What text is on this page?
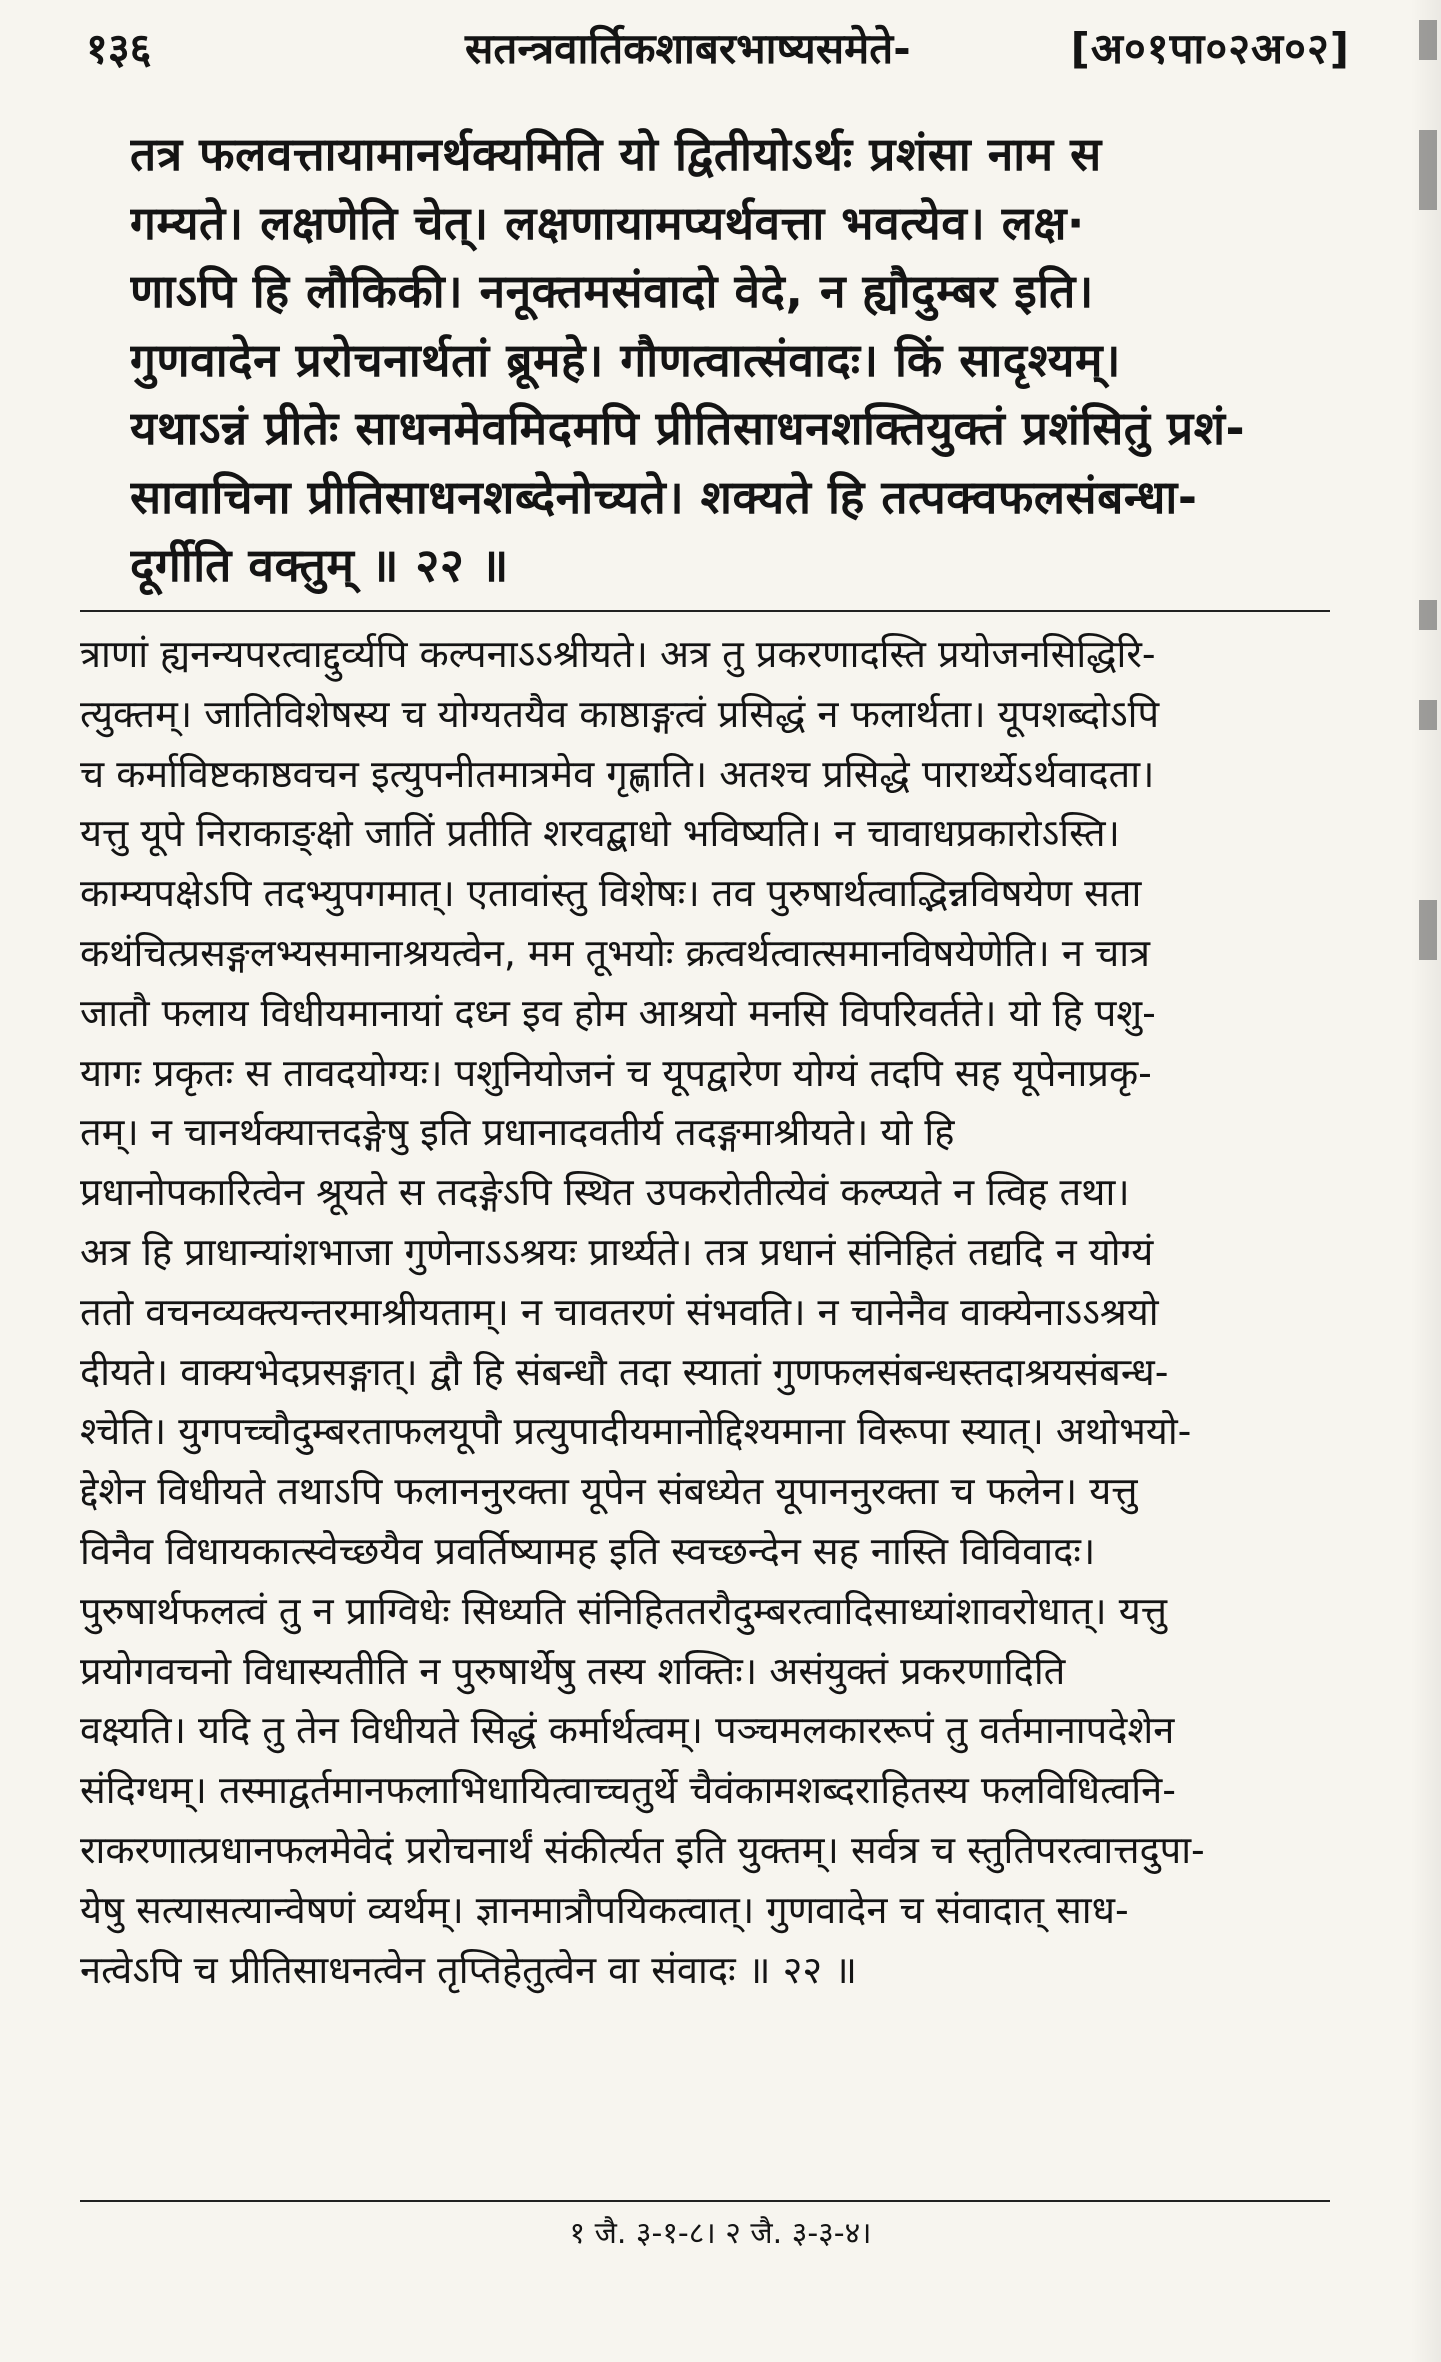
१३६	सतन्त्रवार्तिकशाबरभाष्यसमेते-	[अ०१पा०२अ०२]
तत्र फलवत्तायामानर्थक्यमिति यो द्वितीयोऽर्थः प्रशंसा नाम स
गम्यते। लक्षणेति चेत्। लक्षणायामप्यर्थवत्ता भवत्येव। लक्ष·
णाऽपि हि लौकिकी। ननूक्तमसंवादो वेदे, न ह्यौदुम्बर इति।
गुणवादेन प्ररोचनार्थतां ब्रूमहे। गौणत्वात्संवादः। किं सादृश्यम्।
यथाऽन्नं प्रीतेः साधनमेवमिदमपि प्रीतिसाधनशक्तियुक्तं प्रशंसितुं प्रशं-
सावाचिना प्रीतिसाधनशब्देनोच्यते। शक्यते हि तत्पक्वफलसंबन्धा-
दूर्गीति वक्तुम् ॥ २२ ॥
त्राणां ह्यनन्यपरत्वाद्दुर्व्यपि कल्पनाऽऽश्रीयते। अत्र तु प्रकरणादस्ति प्रयोजनसिद्धिरि-
त्युक्तम्। जातिविशेषस्य च योग्यतयैव काष्ठाङ्गत्वं प्रसिद्धं न फलार्थता। यूपशब्दोऽपि
च कर्माविष्टकाष्ठवचन इत्युपनीतमात्रमेव गृह्णाति। अतश्च प्रसिद्धे पारार्थ्येऽर्थवादता।
यत्तु यूपे निराकाङ्क्षो जातिं प्रतीति शरवद्बाधो भविष्यति। न चावाधप्रकारोऽस्ति।
काम्यपक्षेऽपि तदभ्युपगमात्। एतावांस्तु विशेषः। तव पुरुषार्थत्वाद्भिन्नविषयेण सता
कथंचित्प्रसङ्गलभ्यसमानाश्रयत्वेन, मम तूभयोः क्रत्वर्थत्वात्समानविषयेणेति। न चात्र
जातौ फलाय विधीयमानायां दध्न इव होम आश्रयो मनसि विपरिवर्तते। यो हि पशु-
यागः प्रकृतः स तावदयोग्यः। पशुनियोजनं च यूपद्वारेण योग्यं तदपि सह यूपेनाप्रकृ-
तम्। न चानर्थक्यात्तदङ्गेषु इति प्रधानादवतीर्य तदङ्गमाश्रीयते। यो हि
प्रधानोपकारित्वेन श्रूयते स तदङ्गेऽपि स्थित उपकरोतीत्येवं कल्प्यते न त्विह तथा।
अत्र हि प्राधान्यांशभाजा गुणेनाऽऽश्रयः प्रार्थ्यते। तत्र प्रधानं संनिहितं तद्यदि न योग्यं
ततो वचनव्यक्त्यन्तरमाश्रीयताम्। न चावतरणं संभवति। न चानेनैव वाक्येनाऽऽश्रयो
दीयते। वाक्यभेदप्रसङ्गात्। द्वौ हि संबन्धौ तदा स्यातां गुणफलसंबन्धस्तदाश्रयसंबन्ध-
श्चेति। युगपच्चौदुम्बरताफलयूपौ प्रत्युपादीयमानोद्दिश्यमाना विरूपा स्यात्। अथोभयो-
द्देशेन विधीयते तथाऽपि फलाननुरक्ता यूपेन संबध्येत यूपाननुरक्ता च फलेन। यत्तु
विनैव विधायकात्स्वेच्छयैव प्रवर्तिष्यामह इति स्वच्छन्देन सह नास्ति विविवादः।
पुरुषार्थफलत्वं तु न प्राग्विधेः सिध्यति संनिहिततरौदुम्बरत्वादिसाध्यांशावरोधात्। यत्तु
प्रयोगवचनो विधास्यतीति न पुरुषार्थेषु तस्य शक्तिः। असंयुक्तं प्रकरणादिति
वक्ष्यति। यदि तु तेन विधीयते सिद्धं कर्मार्थत्वम्। पञ्चमलकाररूपं तु वर्तमानापदेशेन
संदिग्धम्। तस्माद्वर्तमानफलाभिधायित्वाच्चतुर्थे चैवंकामशब्दराहितस्य फलविधित्वनि-
राकरणात्प्रधानफलमेवेदं प्ररोचनार्थं संकीर्त्यत इति युक्तम्। सर्वत्र च स्तुतिपरत्वात्तदुपा-
येषु सत्यासत्यान्वेषणं व्यर्थम्। ज्ञानमात्रौपयिकत्वात्। गुणवादेन च संवादात् साध-
नत्वेऽपि च प्रीतिसाधनत्वेन तृप्तिहेतुत्वेन वा संवादः ॥ २२ ॥
१ जै. ३-१-८। २ जै. ३-३-४।
